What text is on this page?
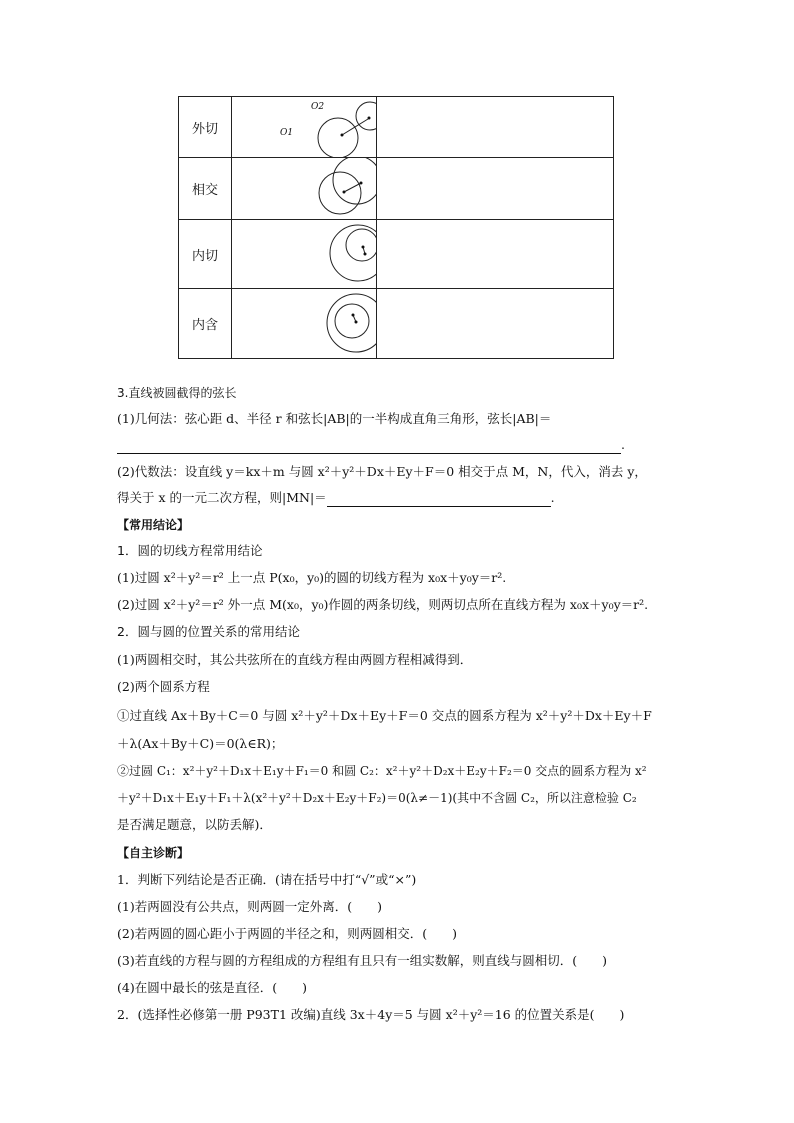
外切	

相交	

内切	

内含	

O1
O2
3.直线被圆截得的弦长
(1)几何法：弦心距 d、半径 r 和弦长|AB|的一半构成直角三角形，弦长|AB|＝
.
(2)代数法：设直线 y＝kx＋m 与圆 x²＋y²＋Dx＋Ey＋F＝0 相交于点 M，N，代入，消去 y，
得关于 x 的一元二次方程，则|MN|＝	.
【常用结论】
1．圆的切线方程常用结论
(1)过圆 x²＋y²＝r² 上一点 P(x₀，y₀)的圆的切线方程为 x₀x＋y₀y＝r².
(2)过圆 x²＋y²＝r² 外一点 M(x₀，y₀)作圆的两条切线，则两切点所在直线方程为 x₀x＋y₀y＝r².
2．圆与圆的位置关系的常用结论
(1)两圆相交时，其公共弦所在的直线方程由两圆方程相减得到．
(2)两个圆系方程
①过直线 Ax＋By＋C＝0 与圆 x²＋y²＋Dx＋Ey＋F＝0 交点的圆系方程为 x²＋y²＋Dx＋Ey＋F
＋λ(Ax＋By＋C)＝0(λ∈R)；
②过圆 C₁：x²＋y²＋D₁x＋E₁y＋F₁＝0 和圆 C₂：x²＋y²＋D₂x＋E₂y＋F₂＝0 交点的圆系方程为 x²
＋y²＋D₁x＋E₁y＋F₁＋λ(x²＋y²＋D₂x＋E₂y＋F₂)＝0(λ≠－1)(其中不含圆 C₂，所以注意检验 C₂
是否满足题意，以防丢解)．
【自主诊断】
1．判断下列结论是否正确．(请在括号中打“√”或“×”)
(1)若两圆没有公共点，则两圆一定外离．(　　)
(2)若两圆的圆心距小于两圆的半径之和，则两圆相交．(　　)
(3)若直线的方程与圆的方程组成的方程组有且只有一组实数解，则直线与圆相切．(　　)
(4)在圆中最长的弦是直径．(　　)
2．(选择性必修第一册 P93T1 改编)直线 3x＋4y＝5 与圆 x²＋y²＝16 的位置关系是(　　)
